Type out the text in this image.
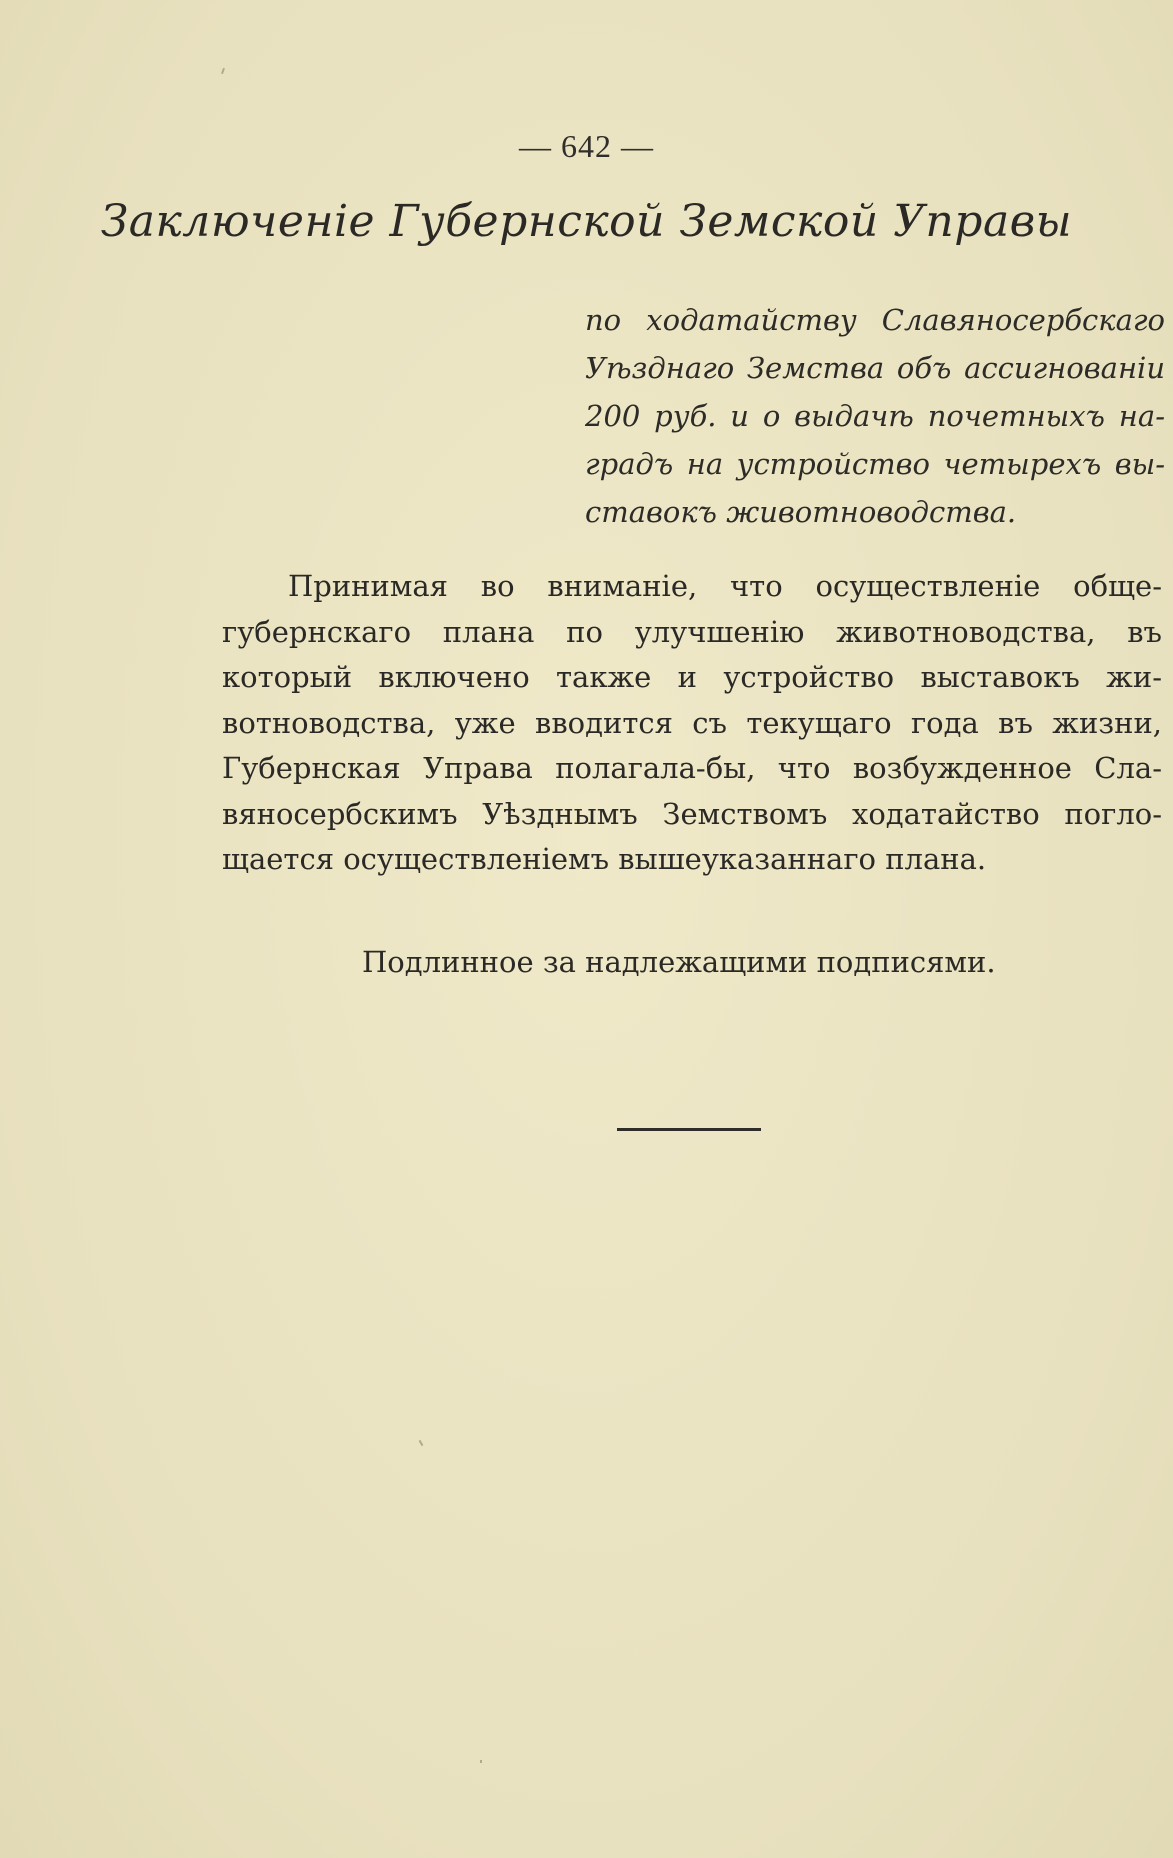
— 642 —
Заключенiе Губернской Земской Управы
по ходатайству Славяносербскаго
Уѣзднаго Земства объ ассигнованiи
200 руб. и о выдачѣ почетныхъ на-
градъ на устройство четырехъ вы-
ставокъ животноводства.
Принимая во вниманiе, что осуществленiе обще-
губернскаго плана по улучшенiю животноводства, въ
который включено также и устройство выставокъ жи-
вотноводства, уже вводится съ текущаго года въ жизни,
Губернская Управа полагала-бы, что возбужденное Сла-
вяносербскимъ Уѣзднымъ Земствомъ ходатайство погло-
щается осуществленiемъ вышеуказаннаго плана.
Подлинное за надлежащими подписями.
